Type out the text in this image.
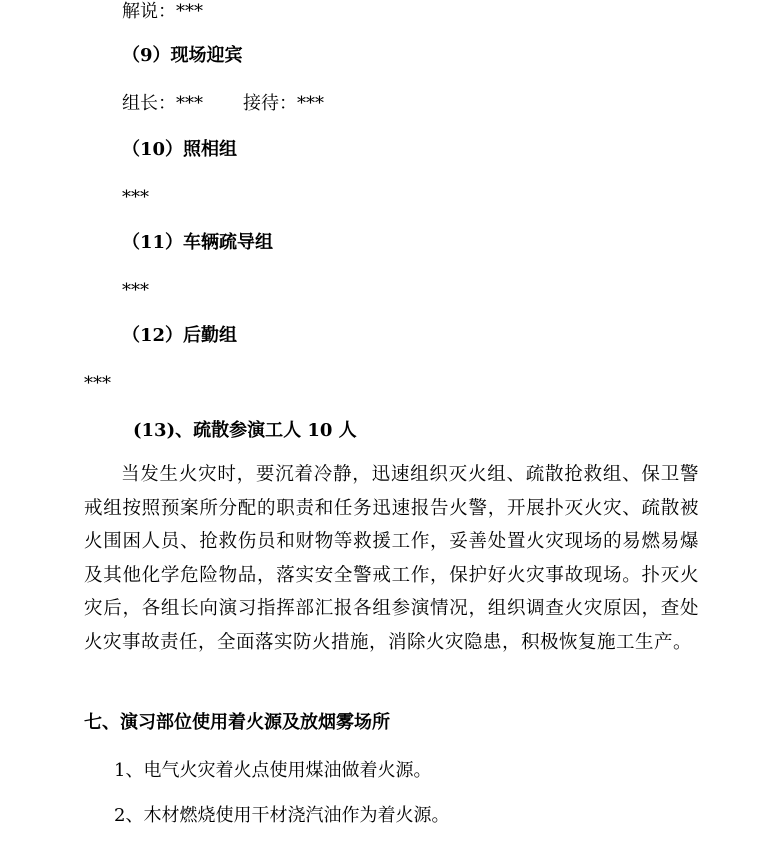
解说：***
（9）现场迎宾
组长：*** 接待：***
（10）照相组
***
（11）车辆疏导组
***
（12）后勤组
***
(13)、疏散参演工人 10 人
当发生火灾时，要沉着冷静，迅速组织灭火组、疏散抢救组、保卫警戒组按照预案所分配的职责和任务迅速报告火警，开展扑灭火灾、疏散被火围困人员、抢救伤员和财物等救援工作，妥善处置火灾现场的易燃易爆及其他化学危险物品，落实安全警戒工作，保护好火灾事故现场。扑灭火灾后，各组长向演习指挥部汇报各组参演情况，组织调查火灾原因，查处火灾事故责任，全面落实防火措施，消除火灾隐患，积极恢复施工生产。
七、演习部位使用着火源及放烟雾场所
1、电气火灾着火点使用煤油做着火源。
2、木材燃烧使用干材浇汽油作为着火源。
